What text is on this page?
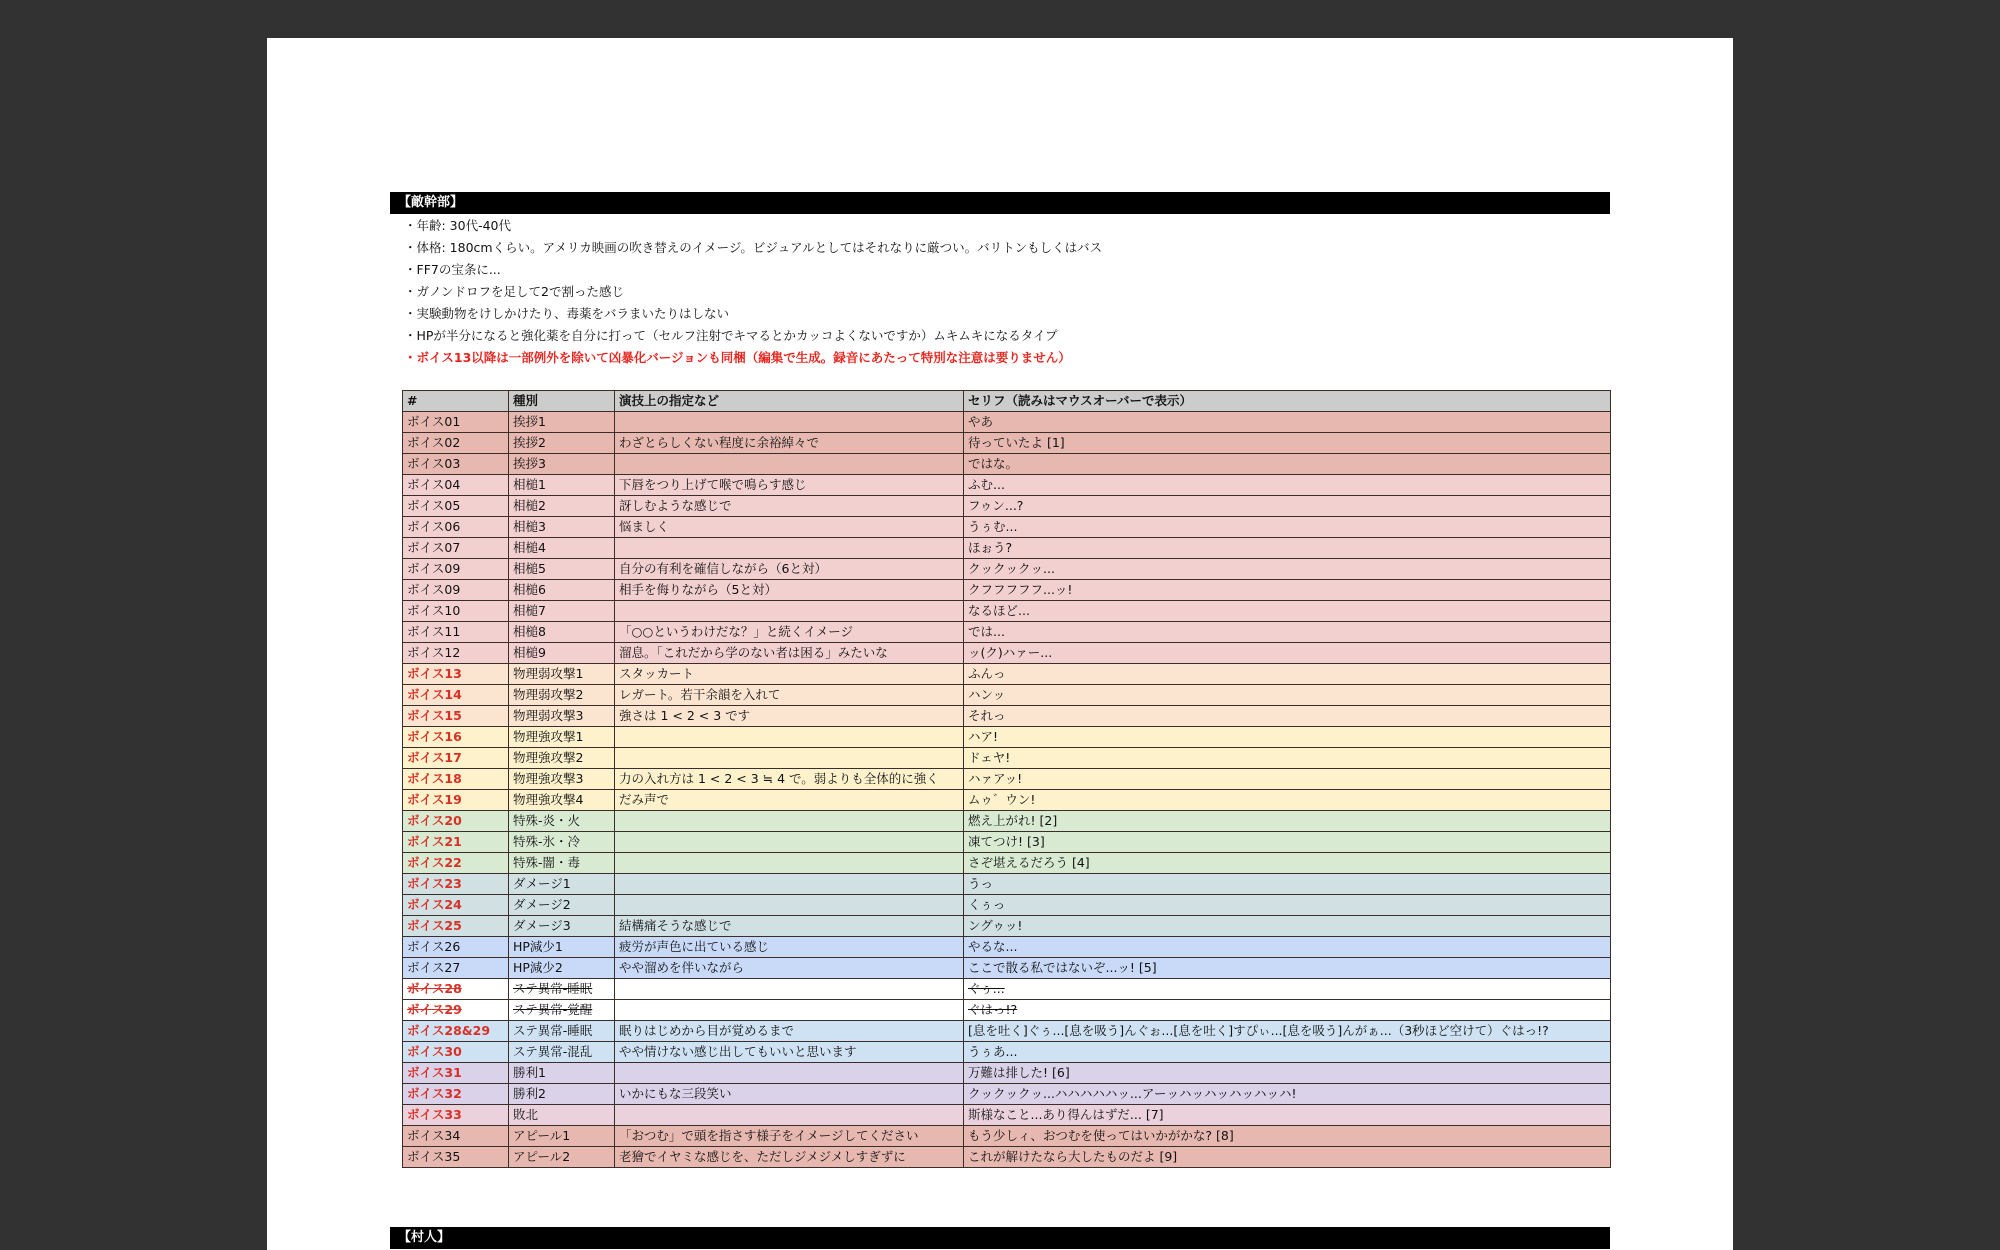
【敵幹部】
・年齢: 30代-40代
・体格: 180cmくらい。アメリカ映画の吹き替えのイメージ。ビジュアルとしてはそれなりに厳つい。バリトンもしくはバス
・FF7の宝条に...
・ガノンドロフを足して2で割った感じ
・実験動物をけしかけたり、毒薬をバラまいたりはしない
・HPが半分になると強化薬を自分に打って（セルフ注射でキマるとかカッコよくないですか）ムキムキになるタイプ
・ボイス13以降は一部例外を除いて凶暴化バージョンも同梱（編集で生成。録音にあたって特別な注意は要りません）
#	種別	演技上の指定など	セリフ（読みはマウスオーバーで表示）
ボイス01	挨拶1		やあ
ボイス02	挨拶2	わざとらしくない程度に余裕綽々で	待っていたよ [1]
ボイス03	挨拶3		ではな。
ボイス04	相槌1	下唇をつり上げて喉で鳴らす感じ	ふむ...
ボイス05	相槌2	訝しむような感じで	フゥン...?
ボイス06	相槌3	悩ましく	うぅむ...
ボイス07	相槌4		ほぉう?
ボイス09	相槌5	自分の有利を確信しながら（6と対）	クックックッ...
ボイス09	相槌6	相手を侮りながら（5と対）	クフフフフフ...ッ!
ボイス10	相槌7		なるほど...
ボイス11	相槌8	「○○というわけだな？」と続くイメージ	では...
ボイス12	相槌9	溜息。「これだから学のない者は困る」みたいな	ッ(ク)ハァー...
ボイス13	物理弱攻撃1	スタッカート	ふんっ
ボイス14	物理弱攻撃2	レガート。若干余韻を入れて	ハンッ
ボイス15	物理弱攻撃3	強さは 1 < 2 < 3 です	それっ
ボイス16	物理強攻撃1		ハア!
ボイス17	物理強攻撃2		ドェヤ!
ボイス18	物理強攻撃3	力の入れ方は 1 < 2 < 3 ≒ 4 で。弱よりも全体的に強く	ハァアッ!
ボイス19	物理強攻撃4	だみ声で	ムゥ゛ウン!
ボイス20	特殊-炎・火		燃え上がれ! [2]
ボイス21	特殊-氷・冷		凍てつけ! [3]
ボイス22	特殊-闇・毒		さぞ堪えるだろう [4]
ボイス23	ダメージ1		うっ
ボイス24	ダメージ2		くぅっ
ボイス25	ダメージ3	結構痛そうな感じで	ングゥッ!
ボイス26	HP減少1	疲労が声色に出ている感じ	やるな...
ボイス27	HP減少2	やや溜めを伴いながら	ここで散る私ではないぞ...ッ! [5]
ボイス28	ステ異常-睡眠		ぐぅ...
ボイス29	ステ異常-覚醒		ぐはっ!?
ボイス28&29	ステ異常-睡眠	眠りはじめから目が覚めるまで	[息を吐く]ぐぅ...[息を吸う]んぐぉ...[息を吐く]すぴぃ...[息を吸う]んがぁ...（3秒ほど空けて）ぐはっ!?
ボイス30	ステ異常-混乱	やや情けない感じ出してもいいと思います	うぅあ...
ボイス31	勝利1		万難は排した! [6]
ボイス32	勝利2	いかにもな三段笑い	クックックッ...ハハハハハッ...アーッハッハッハッハッハ!
ボイス33	敗北		斯様なこと...あり得んはずだ... [7]
ボイス34	アピール1	「おつむ」で頭を指さす様子をイメージしてください	もう少しィ、おつむを使ってはいかがかな? [8]
ボイス35	アピール2	老獪でイヤミな感じを、ただしジメジメしすぎずに	これが解けたなら大したものだよ [9]
【村人】
